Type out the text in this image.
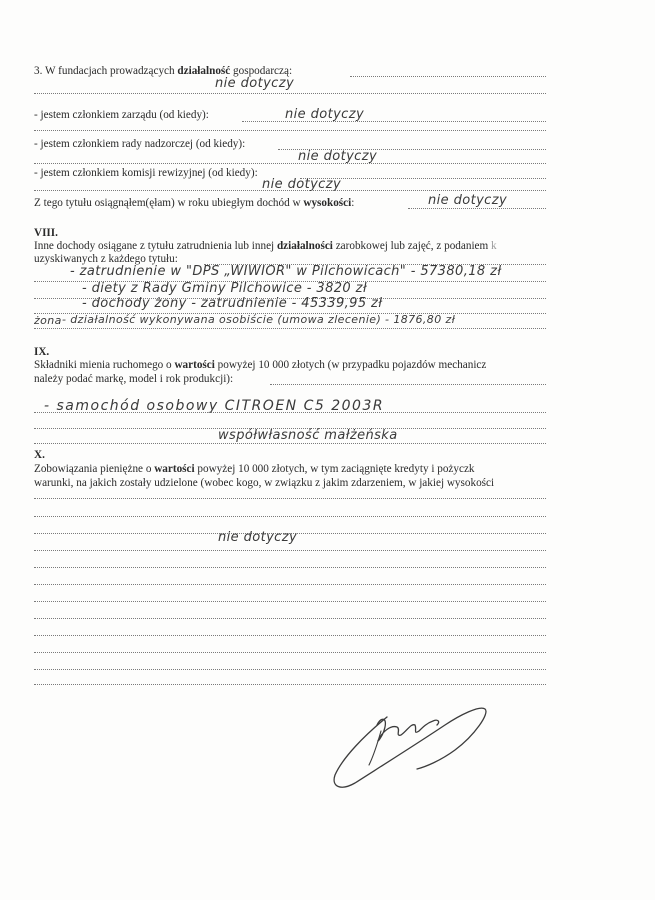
3. W fundacjach prowadzących działalność gospodarczą:
nie dotyczy
- jestem członkiem zarządu (od kiedy):	nie dotyczy
- jestem członkiem rady nadzorczej (od kiedy):
nie dotyczy
- jestem członkiem komisji rewizyjnej (od kiedy):
nie dotyczy
Z tego tytułu osiągnąłem(ęłam) w roku ubiegłym dochód w wysokości:	nie dotyczy
VIII.
Inne dochody osiągane z tytułu zatrudnienia lub innej działalności zarobkowej lub zajęć, z podaniem k
uzyskiwanych z każdego tytułu:
- zatrudnienie w "DPS „WIWIOR" w Pilchowicach" - 57380,18 zł
- diety z Rady Gminy Pilchowice - 3820 zł
- dochody żony - zatrudnienie - 45339,95 zł
żona - działalność wykonywana osobiście (umowa zlecenie) - 1876,80 zł
IX.
Składniki mienia ruchomego o wartości powyżej 10 000 złotych (w przypadku pojazdów mechanicz
należy podać markę, model i rok produkcji):
- samochód osobowy CITROEN C5 2003R
współwłasność małżeńska
X.
Zobowiązania pieniężne o wartości powyżej 10 000 złotych, w tym zaciągnięte kredyty i pożyczk
warunki, na jakich zostały udzielone (wobec kogo, w związku z jakim zdarzeniem, w jakiej wysokości
nie dotyczy
